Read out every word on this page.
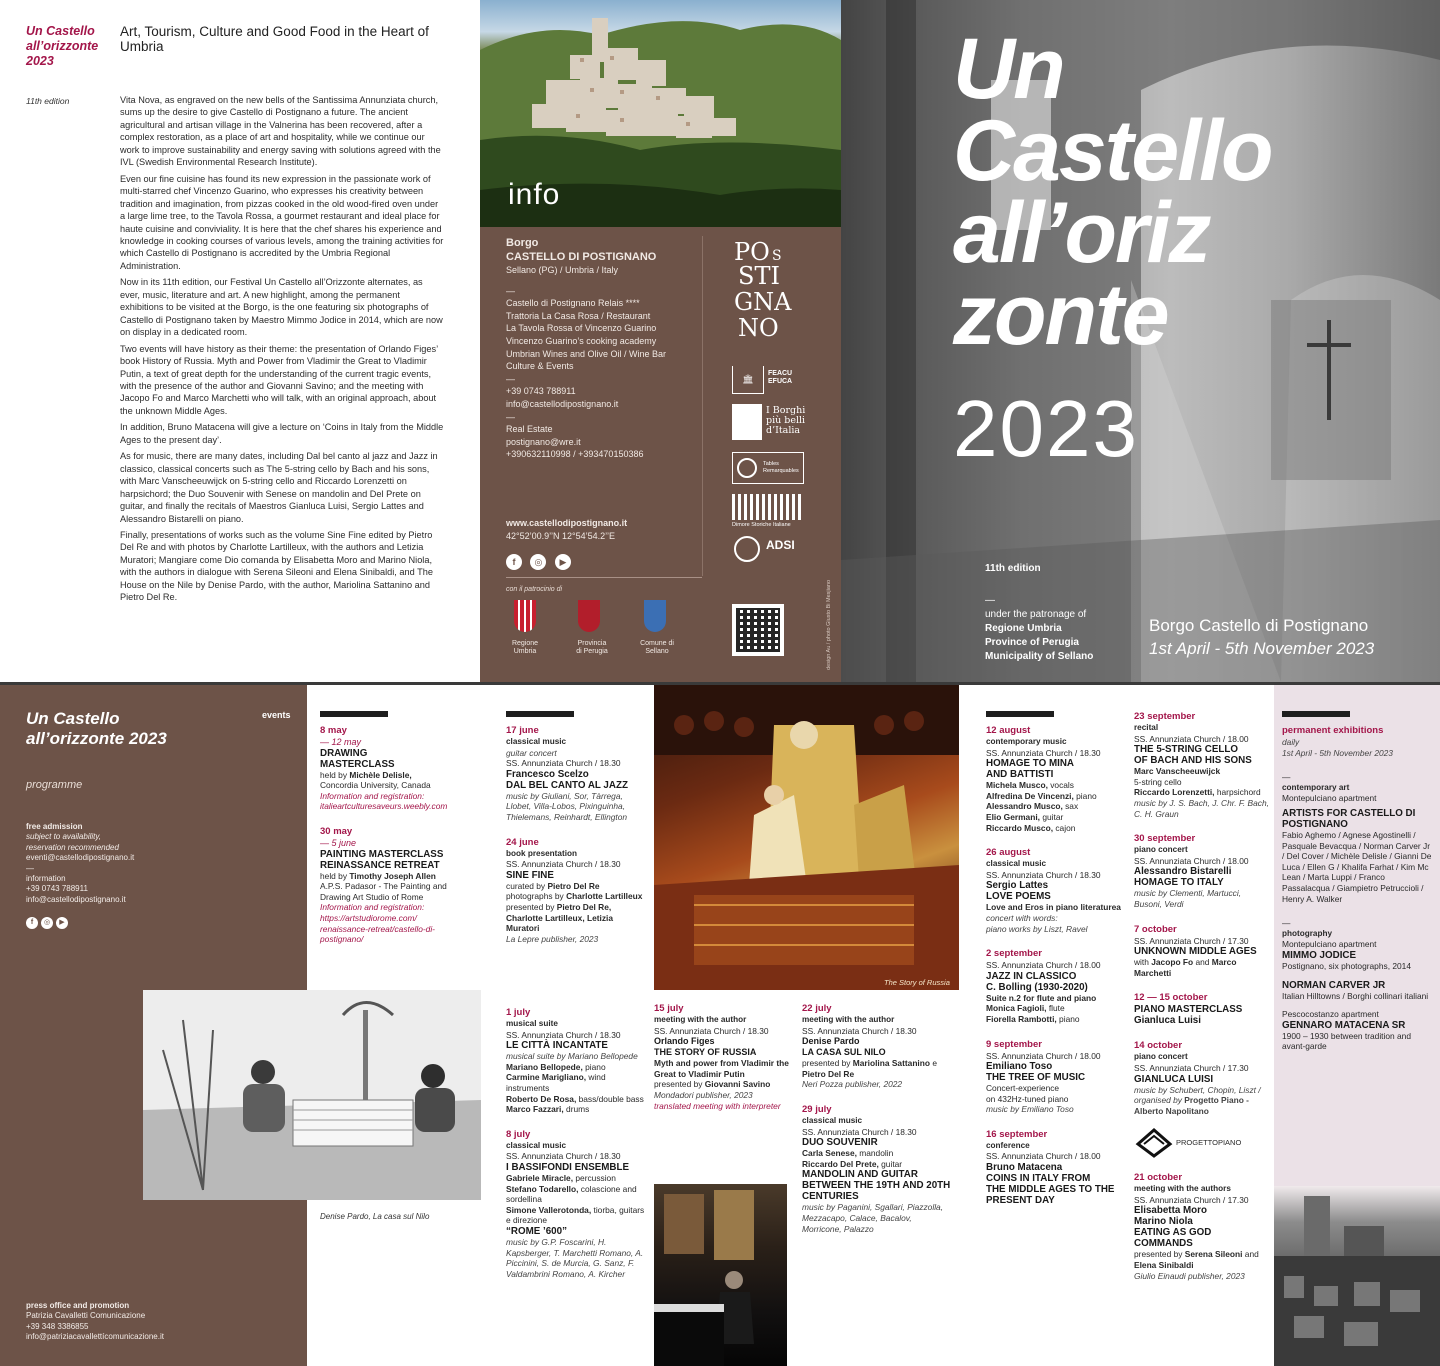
Un Castello all’orizzonte 2023
Art, Tourism, Culture and Good Food in the Heart of Umbria
11th edition	Vita Nova, as engraved on the new bells of the Santissima Annunziata church, sums up the desire to give Castello di Postignano a future. The ancient agricultural and artisan village in the Valnerina has been recovered, after a complex restoration, as a place of art and hospitality, while we continue our work to improve sustainability and energy saving with solutions agreed with the IVL (Swedish Environmental Research Institute).

Even our fine cuisine has found its new expression in the passionate work of multi-starred chef Vincenzo Guarino, who expresses his creativity between tradition and imagination, from pizzas cooked in the old wood-fired oven under a large lime tree, to the Tavola Rossa, a gourmet restaurant and ideal place for haute cuisine and conviviality. It is here that the chef shares his experience and knowledge in cooking courses of various levels, among the training activities for which Castello di Postignano is accredited by the Umbria Regional Administration.

Now in its 11th edition, our Festival Un Castello all’Orizzonte alternates, as ever, music, literature and art. A new highlight, among the permanent exhibitions to be visited at the Borgo, is the one featuring six photographs of Castello di Postignano taken by Maestro Mimmo Jodice in 2014, which are now on display in a dedicated room.

Two events will have history as their theme: the presentation of Orlando Figes’ book History of Russia. Myth and Power from Vladimir the Great to Vladimir Putin, a text of great depth for the understanding of the current tragic events, with the presence of the author and Giovanni Savino; and the meeting with Jacopo Fo and Marco Marchetti who will talk, with an original approach, about the unknown Middle Ages.

In addition, Bruno Matacena will give a lecture on ‘Coins in Italy from the Middle Ages to the present day’.

As for music, there are many dates, including Dal bel canto al jazz and Jazz in classico, classical concerts such as The 5-string cello by Bach and his sons, with Marc Vanscheeuwijck on 5-string cello and Riccardo Lorenzetti on harpsichord; the Duo Souvenir with Senese on mandolin and Del Prete on guitar, and finally the recitals of Maestros Gianluca Luisi, Sergio Lattes and Alessandro Bistarelli on piano.

Finally, presentations of works such as the volume Sine Fine edited by Pietro Del Re and with photos by Charlotte Lartilleux, with the authors and Letizia Muratori; Mangiare come Dio comanda by Elisabetta Moro and Marino Niola, with the authors in dialogue with Serena Sileoni and Elena Sinibaldi, and The House on the Nile by Denise Pardo, with the author, Mariolina Sattanino and Pietro Del Re.

info
Borgo
CASTELLO DI POSTIGNANO
Sellano (PG) / Umbria / Italy
—
Castello di Postignano Relais ****
Trattoria La Casa Rosa / Restaurant
La Tavola Rossa of Vincenzo Guarino
Vincenzo Guarino’s cooking academy
Umbrian Wines and Olive Oil / Wine Bar
Culture & Events
—
+39 0743 788911
info@castellodipostignano.it
—
Real Estate
postignano@wre.it
+390632110998 / +393470150386
www.castellodipostignano.it
42°52’00.9’’N 12°54’54.2’’E
f ◎ ▶
con il patrocinio di
Regione Umbria
Provincia di Perugia
Comune di Sellano
PO S
STI
GNA
NO
🏛
FEACU EFUCA
I Borghi più belli d’Italia
Tables Remarquables
Dimore Storiche Italiane
ADSI
design Au / photo Giusto Bi Mesjiano
Un
Castello
all’oriz
zonte
2023
11th edition
—
under the patronage of
Regione Umbria
Province of Perugia
Municipality of Sellano
Borgo Castello di Postignano
1st April - 5th November 2023
Un Castello all’orizzonte 2023
programme
events
free admission
subject to availability,
reservation recommended
eventi@castellodipostignano.it
—
information
+39 0743 788911
info@castellodipostignano.it
f ◎ ▶
press office and promotion
Patrizia Cavalletti Comunicazione
+39 348 3386855
info@patriziacavallettícomunicazione.it
8 may
— 12 may
DRAWING
MASTERCLASS
held by Michèle Delisle,
Concordia University, Canada
Information and registration:
italieartculturesaveurs.weebly.com
30 may
— 5 june
PAINTING MASTERCLASS
REINASSANCE RETREAT
held by Timothy Joseph Allen
A.P.S. Padasor - The Painting and
Drawing Art Studio of Rome
Information and registration:
https://artstudiorome.com/
renaissance-retreat/castello-di-
postignano/
17 june
classical music
guitar concert
SS. Annunziata Church / 18.30
Francesco Scelzo
DAL BEL CANTO AL JAZZ
music by Giuliani, Sor, Tàrrega, Llobet, Villa-Lobos, Pixinguinha, Thielemans, Reinhardt, Ellington
24 june
book presentation
SS. Annunziata Church / 18.30
SINE FINE
curated by Pietro Del Re
photographs by Charlotte Lartilleux
presented by Pietro Del Re, Charlotte Lartilleux, Letizia Muratori
La Lepre publisher, 2023
1 july
musical suite
SS. Annunziata Church / 18.30
LE CITTÀ INCANTATE
musical suite by Mariano Bellopede
Mariano Bellopede, piano
Carmine Marigliano, wind instruments
Roberto De Rosa, bass/double bass
Marco Fazzari, drums
8 july
classical music
SS. Annunziata Church / 18.30
I BASSIFONDI ENSEMBLE
Gabriele Miracle, percussion
Stefano Todarello, colascione and sordellina
Simone Vallerotonda, tiorba, guitars e direzione
“ROME ’600”
music by G.P. Foscarini, H. Kapsberger, T. Marchetti Romano, A. Piccinini, S. de Murcia, G. Sanz, F. Valdambrini Romano, A. Kircher
Denise Pardo, La casa sul Nilo
The Story of Russia
15 july
meeting with the author
SS. Annunziata Church / 18.30
Orlando Figes
THE STORY OF RUSSIA
Myth and power from Vladimir the Great to Vladimir Putin
presented by Giovanni Savino
Mondadori publisher, 2023
translated meeting with interpreter
22 july
meeting with the author
SS. Annunziata Church / 18.30
Denise Pardo
LA CASA SUL NILO
presented by Mariolina Sattanino e Pietro Del Re
Neri Pozza publisher, 2022
29 july
classical music
SS. Annunziata Church / 18.30
DUO SOUVENIR
Carla Senese, mandolin
Riccardo Del Prete, guitar
MANDOLIN AND GUITAR BETWEEN THE 19TH AND 20TH CENTURIES
music by Paganini, Sgallari, Piazzolla, Mezzacapo, Calace, Bacalov, Morricone, Palazzo
12 august
contemporary music
SS. Annunziata Church / 18.30
HOMAGE TO MINA
AND BATTISTI
Michela Musco, vocals
Alfredina De Vincenzi, piano
Alessandro Musco, sax
Elio Germani, guitar
Riccardo Musco, cajon
26 august
classical music
SS. Annunziata Church / 18.30
Sergio Lattes
LOVE POEMS
Love and Eros in piano literaturea
concert with words:
piano works by Liszt, Ravel
2 september
SS. Annunziata Church / 18.00
JAZZ IN CLASSICO
C. Bolling (1930-2020)
Suite n.2 for flute and piano
Monica Fagioli, flute
Fiorella Rambotti, piano
9 september
SS. Annunziata Church / 18.00
Emiliano Toso
THE TREE OF MUSIC
Concert-experience
on 432Hz-tuned piano
music by Emiliano Toso
16 september
conference
SS. Annunziata Church / 18.00
Bruno Matacena
COINS IN ITALY FROM
THE MIDDLE AGES TO THE
PRESENT DAY
23 september
recital
SS. Annunziata Church / 18.00
THE 5-STRING CELLO
OF BACH AND HIS SONS
Marc Vanscheeuwijck
5-string cello
Riccardo Lorenzetti, harpsichord
music by J. S. Bach, J. Chr. F. Bach, C. H. Graun
30 september
piano concert
SS. Annunziata Church / 18.00
Alessandro Bistarelli
HOMAGE TO ITALY
music by Clementi, Martucci, Busoni, Verdi
7 october
SS. Annunziata Church / 17.30
UNKNOWN MIDDLE AGES
with Jacopo Fo and Marco Marchetti
12 — 15 october
PIANO MASTERCLASS
Gianluca Luisi
14 october
piano concert
SS. Annunziata Church / 17.30
GIANLUCA LUISI
music by Schubert, Chopin, Liszt / organised by Progetto Piano - Alberto Napolitano
PROGETTOPIANO
21 october
meeting with the authors
SS. Annunziata Church / 17.30
Elisabetta Moro
Marino Niola
EATING AS GOD
COMMANDS
presented by Serena Sileoni and Elena Sinibaldi
Giulio Einaudi publisher, 2023
permanent exhibitions
daily
1st April - 5th November 2023
—
contemporary art
Montepulciano apartment
ARTISTS FOR CASTELLO DI POSTIGNANO
Fabio Aghemo / Agnese Agostinelli / Pasquale Bevacqua / Norman Carver Jr / Del Cover / Michèle Delisle / Gianni De Luca / Ellen G / Khalifa Farhat / Kim Mc Lean / Marta Luppi / Franco Passalacqua / Giampietro Petruccioli / Henry A. Walker
—
photography
Montepulciano apartment
MIMMO JODICE
Postignano, six photographs, 2014
NORMAN CARVER JR
Italian Hilltowns / Borghi collinari italiani
Pescocostanzo apartment
GENNARO MATACENA SR
1900 – 1930 between tradition and avant-garde
